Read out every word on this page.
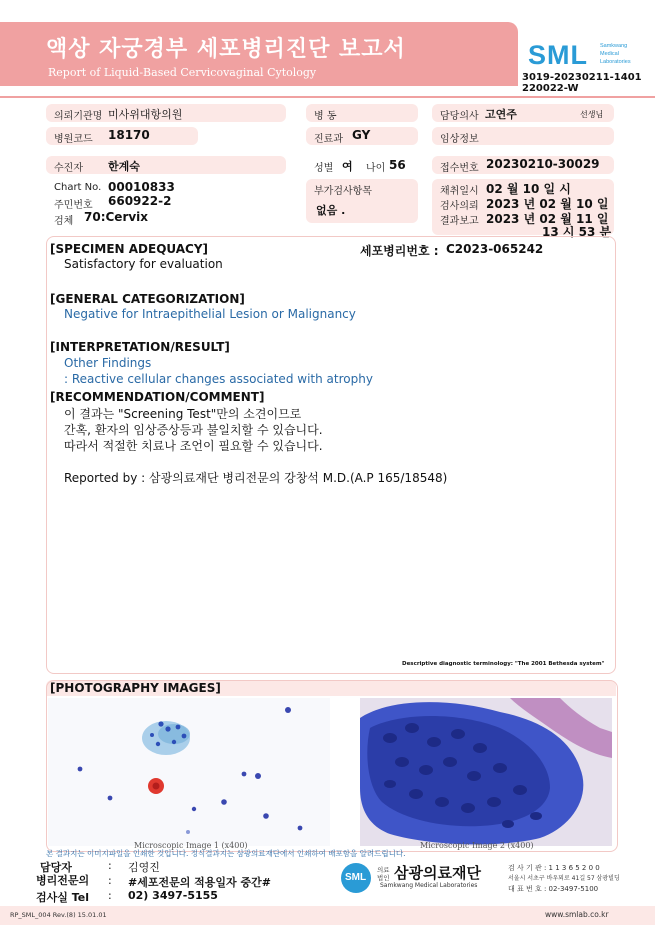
액상 자궁경부 세포병리진단 보고서
Report of Liquid-Based Cervicovaginal Cytology
SML Samkwang
Medical
Laboratories
3019-20230211-1401
220022-W
의뢰기관명 미사위대항의원	병 동	담당의사 고연주	선생님
병원코드 18170	진료과 GY	임상정보
수진자 한계숙	성별 여 나이 56	접수번호 20230210-30029
Chart No. 00010833
주민번호 660922-2
검체 70:Cervix
부가검사항목
없음 .
채취일시 02 월 10 일 시
검사의뢰 2023 년 02 월 10 일
결과보고 2023 년 02 월 11 일
13 시 53 분
[SPECIMEN ADEQUACY]	세포병리번호 : C2023-065242
Satisfactory for evaluation
[GENERAL CATEGORIZATION]
Negative for Intraepithelial Lesion or Malignancy
[INTERPRETATION/RESULT]
Other Findings
: Reactive cellular changes associated with atrophy
[RECOMMENDATION/COMMENT]
이 결과는 "Screening Test"만의 소견이므로
간혹, 환자의 임상증상등과 불일치할 수 있습니다.
따라서 적절한 치료나 조언이 필요할 수 있습니다.
Reported by : 삼광의료재단 병리전문의 강창석 M.D.(A.P 165/18548)
Descriptive diagnostic terminology: "The 2001 Bethesda system"
[PHOTOGRAPHY IMAGES]
Microscopic Image 1 (x400)	Microscopic Image 2 (x400)
본 결과지는 이미지파일을 인쇄한 것입니다. 정식결과지는 삼광의료재단에서 인쇄하여 배포함을 알려드립니다.
담당자	: 김영진
병리전문의 : #세포전문의 적용일자 중간#
검사실 Tel : 02) 3497-5155
SML
의료
법인 삼광의료재단
Samkwang Medical Laboratories
검 사 기 관 : 1 1 3 6 5 2 0 0
서울시 서초구 바우뫼로 41길 57 삼광빌딩
대 표 번 호 : 02-3497-5100
RP_SML_004 Rev.(8) 15.01.01	www.smlab.co.kr
